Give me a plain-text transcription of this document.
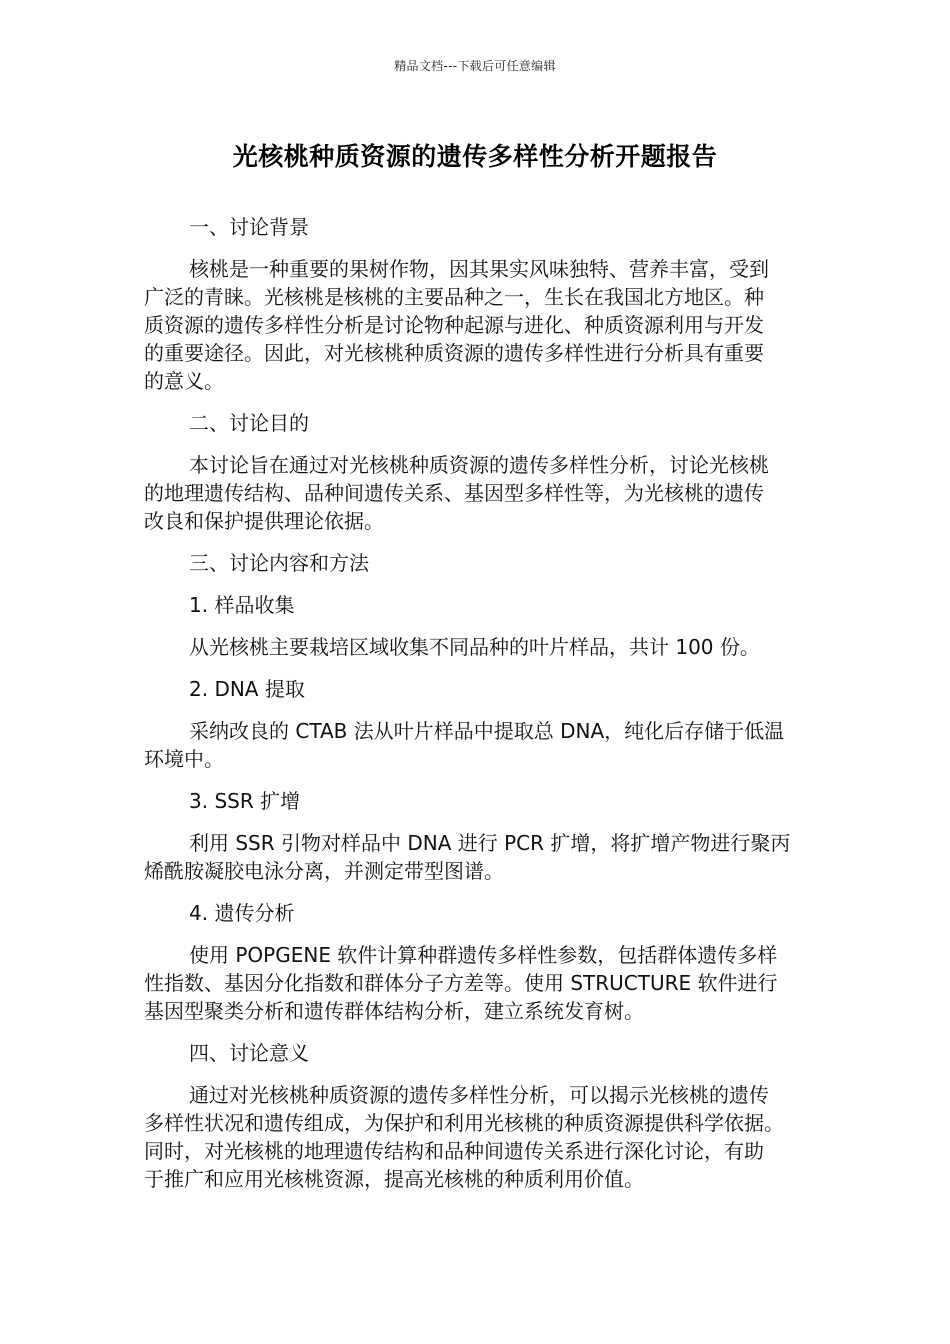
精品文档---下载后可任意编辑
光核桃种质资源的遗传多样性分析开题报告

一、讨论背景

核桃是一种重要的果树作物，因其果实风味独特、营养丰富，受到

广泛的青睐。光核桃是核桃的主要品种之一，生长在我国北方地区。种

质资源的遗传多样性分析是讨论物种起源与进化、种质资源利用与开发

的重要途径。因此，对光核桃种质资源的遗传多样性进行分析具有重要

的意义。

二、讨论目的

本讨论旨在通过对光核桃种质资源的遗传多样性分析，讨论光核桃

的地理遗传结构、品种间遗传关系、基因型多样性等，为光核桃的遗传

改良和保护提供理论依据。

三、讨论内容和方法

1. 样品收集

从光核桃主要栽培区域收集不同品种的叶片样品，共计 100 份。

2. DNA 提取

采纳改良的 CTAB 法从叶片样品中提取总 DNA，纯化后存储于低温

环境中。

3. SSR 扩增

利用 SSR 引物对样品中 DNA 进行 PCR 扩增，将扩增产物进行聚丙

烯酰胺凝胶电泳分离，并测定带型图谱。

4. 遗传分析

使用 POPGENE 软件计算种群遗传多样性参数，包括群体遗传多样

性指数、基因分化指数和群体分子方差等。使用 STRUCTURE 软件进行

基因型聚类分析和遗传群体结构分析，建立系统发育树。

四、讨论意义

通过对光核桃种质资源的遗传多样性分析，可以揭示光核桃的遗传

多样性状况和遗传组成，为保护和利用光核桃的种质资源提供科学依据。

同时，对光核桃的地理遗传结构和品种间遗传关系进行深化讨论，有助

于推广和应用光核桃资源，提高光核桃的种质利用价值。
